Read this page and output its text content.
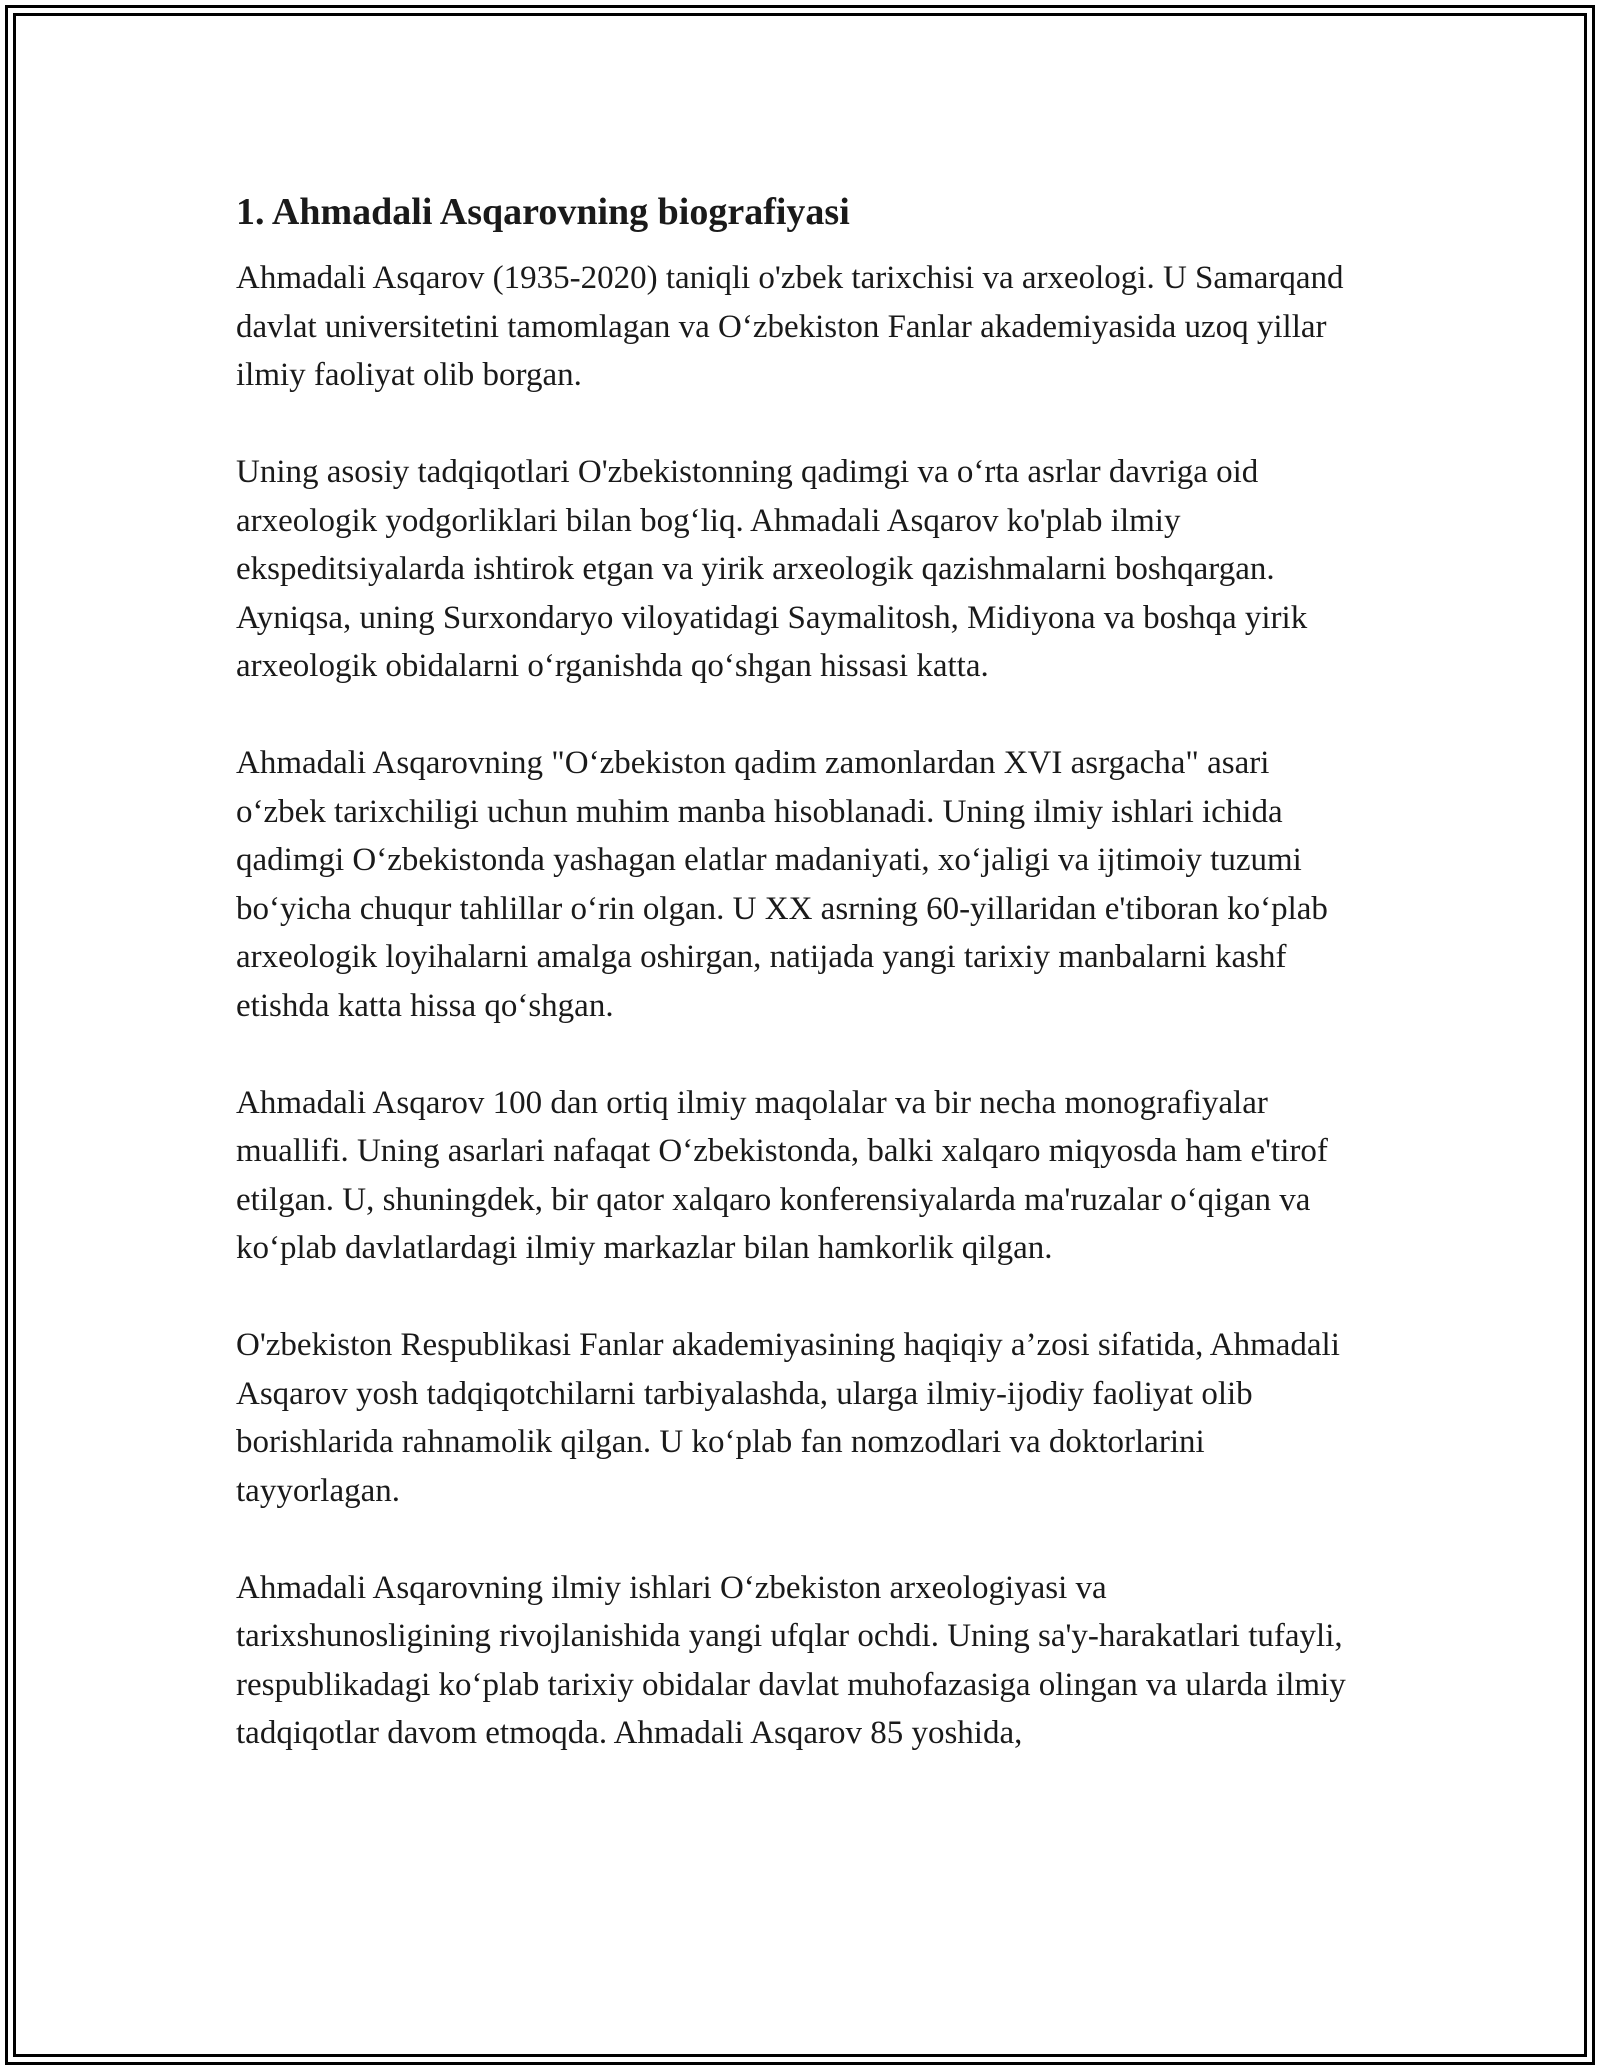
1. Ahmadali Asqarovning biografiyasi

Ahmadali Asqarov (1935-2020) taniqli o'zbek tarixchisi va arxeologi. U Samarqand davlat universitetini tamomlagan va O‘zbekiston Fanlar akademiyasida uzoq yillar ilmiy faoliyat olib borgan.

Uning asosiy tadqiqotlari O'zbekistonning qadimgi va o‘rta asrlar davriga oid arxeologik yodgorliklari bilan bog‘liq. Ahmadali Asqarov ko'plab ilmiy ekspeditsiyalarda ishtirok etgan va yirik arxeologik qazishmalarni boshqargan. Ayniqsa, uning Surxondaryo viloyatidagi Saymalitosh, Midiyona va boshqa yirik arxeologik obidalarni o‘rganishda qo‘shgan hissasi katta.

Ahmadali Asqarovning "O‘zbekiston qadim zamonlardan XVI asrgacha" asari o‘zbek tarixchiligi uchun muhim manba hisoblanadi. Uning ilmiy ishlari ichida qadimgi O‘zbekistonda yashagan elatlar madaniyati, xo‘jaligi va ijtimoiy tuzumi bo‘yicha chuqur tahlillar o‘rin olgan. U XX asrning 60-yillaridan e'tiboran ko‘plab arxeologik loyihalarni amalga oshirgan, natijada yangi tarixiy manbalarni kashf etishda katta hissa qo‘shgan.

Ahmadali Asqarov 100 dan ortiq ilmiy maqolalar va bir necha monografiyalar muallifi. Uning asarlari nafaqat O‘zbekistonda, balki xalqaro miqyosda ham e'tirof etilgan. U, shuningdek, bir qator xalqaro konferensiyalarda ma'ruzalar o‘qigan va ko‘plab davlatlardagi ilmiy markazlar bilan hamkorlik qilgan.

O'zbekiston Respublikasi Fanlar akademiyasining haqiqiy a’zosi sifatida, Ahmadali Asqarov yosh tadqiqotchilarni tarbiyalashda, ularga ilmiy-ijodiy faoliyat olib borishlarida rahnamolik qilgan. U ko‘plab fan nomzodlari va doktorlarini tayyorlagan.

Ahmadali Asqarovning ilmiy ishlari O‘zbekiston arxeologiyasi va tarixshunosligining rivojlanishida yangi ufqlar ochdi. Uning sa'y-harakatlari tufayli, respublikadagi ko‘plab tarixiy obidalar davlat muhofazasiga olingan va ularda ilmiy tadqiqotlar davom etmoqda. Ahmadali Asqarov 85 yoshida,
